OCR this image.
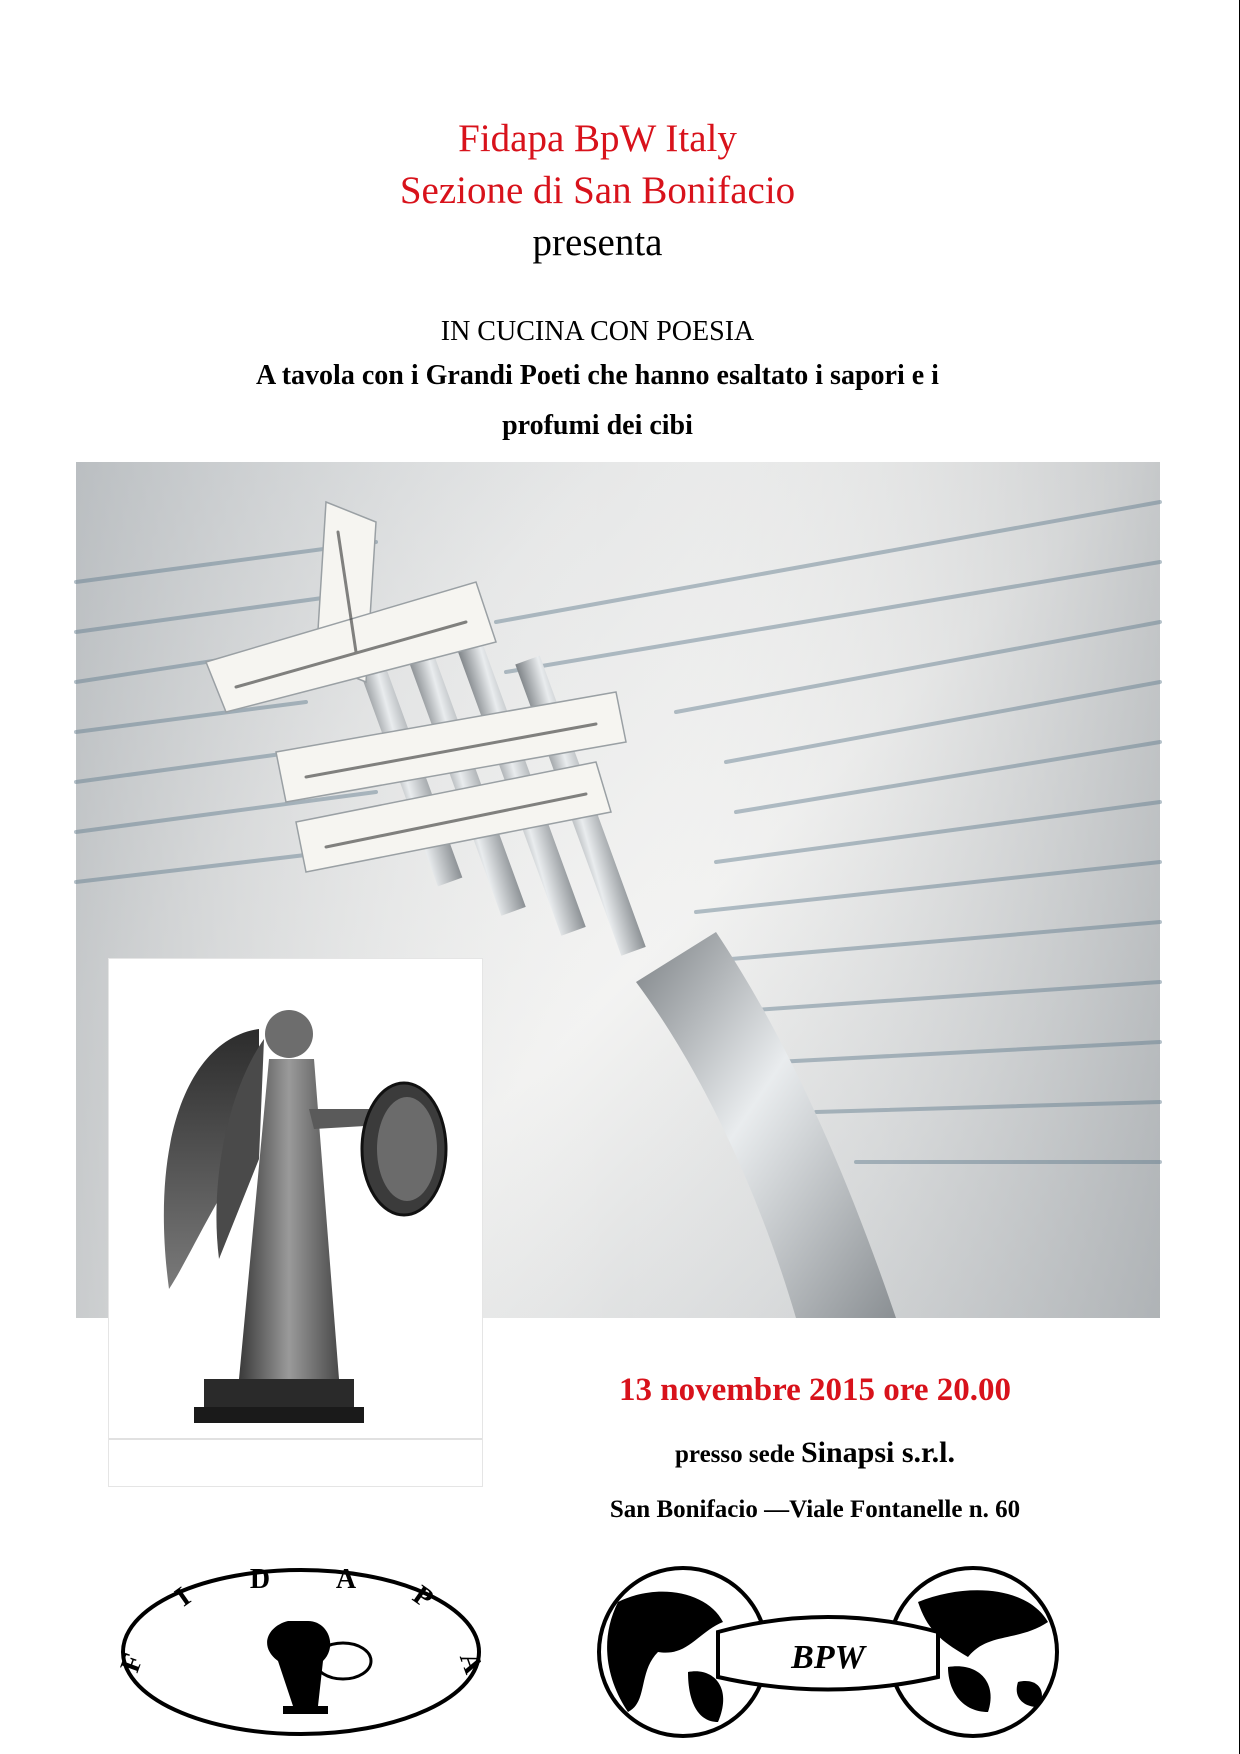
Fidapa BpW Italy
Sezione di San Bonifacio
presenta
IN CUCINA CON POESIA
A tavola con i Grandi Poeti che hanno esaltato i sapori e i
profumi dei cibi
13 novembre 2015 ore 20.00
presso sede Sinapsi s.r.l.
San Bonifacio —Viale Fontanelle n. 60
F
I
D A P
A	BPW
